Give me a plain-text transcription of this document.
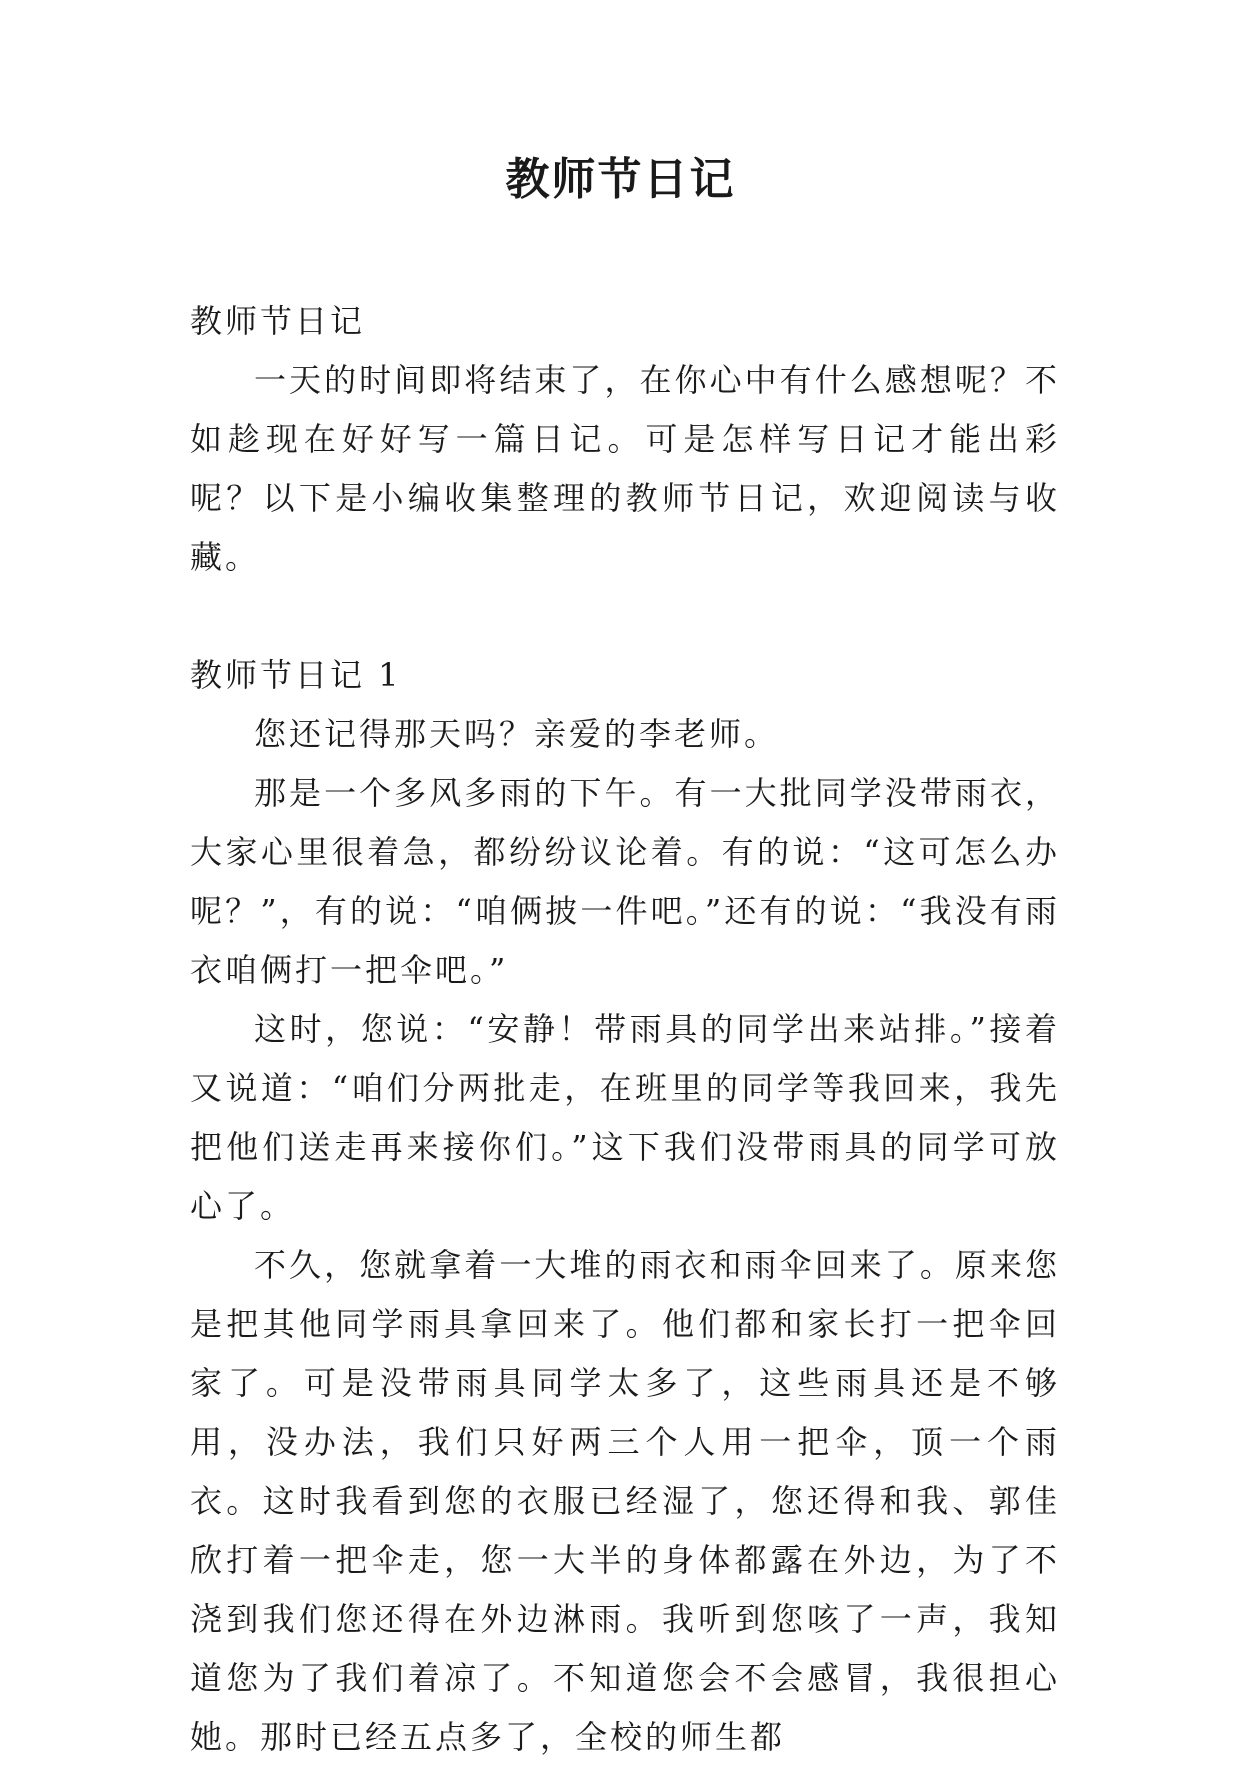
教师节日记

教师节日记

一天的时间即将结束了，在你心中有什么感想呢？不如趁现在好好写一篇日记。可是怎样写日记才能出彩呢？以下是小编收集整理的教师节日记，欢迎阅读与收藏。

教师节日记 1

您还记得那天吗？亲爱的李老师。

那是一个多风多雨的下午。有一大批同学没带雨衣，大家心里很着急，都纷纷议论着。有的说：“这可怎么办呢？”，有的说：“咱俩披一件吧。”还有的说：“我没有雨衣咱俩打一把伞吧。”

这时，您说：“安静！带雨具的同学出来站排。”接着又说道：“咱们分两批走，在班里的同学等我回来，我先把他们送走再来接你们。”这下我们没带雨具的同学可放心了。

不久，您就拿着一大堆的雨衣和雨伞回来了。原来您是把其他同学雨具拿回来了。他们都和家长打一把伞回家了。可是没带雨具同学太多了，这些雨具还是不够用，没办法，我们只好两三个人用一把伞，顶一个雨衣。这时我看到您的衣服已经湿了，您还得和我、郭佳欣打着一把伞走，您一大半的身体都露在外边，为了不浇到我们您还得在外边淋雨。我听到您咳了一声，我知道您为了我们着凉了。不知道您会不会感冒，我很担心她。那时已经五点多了，全校的师生都
